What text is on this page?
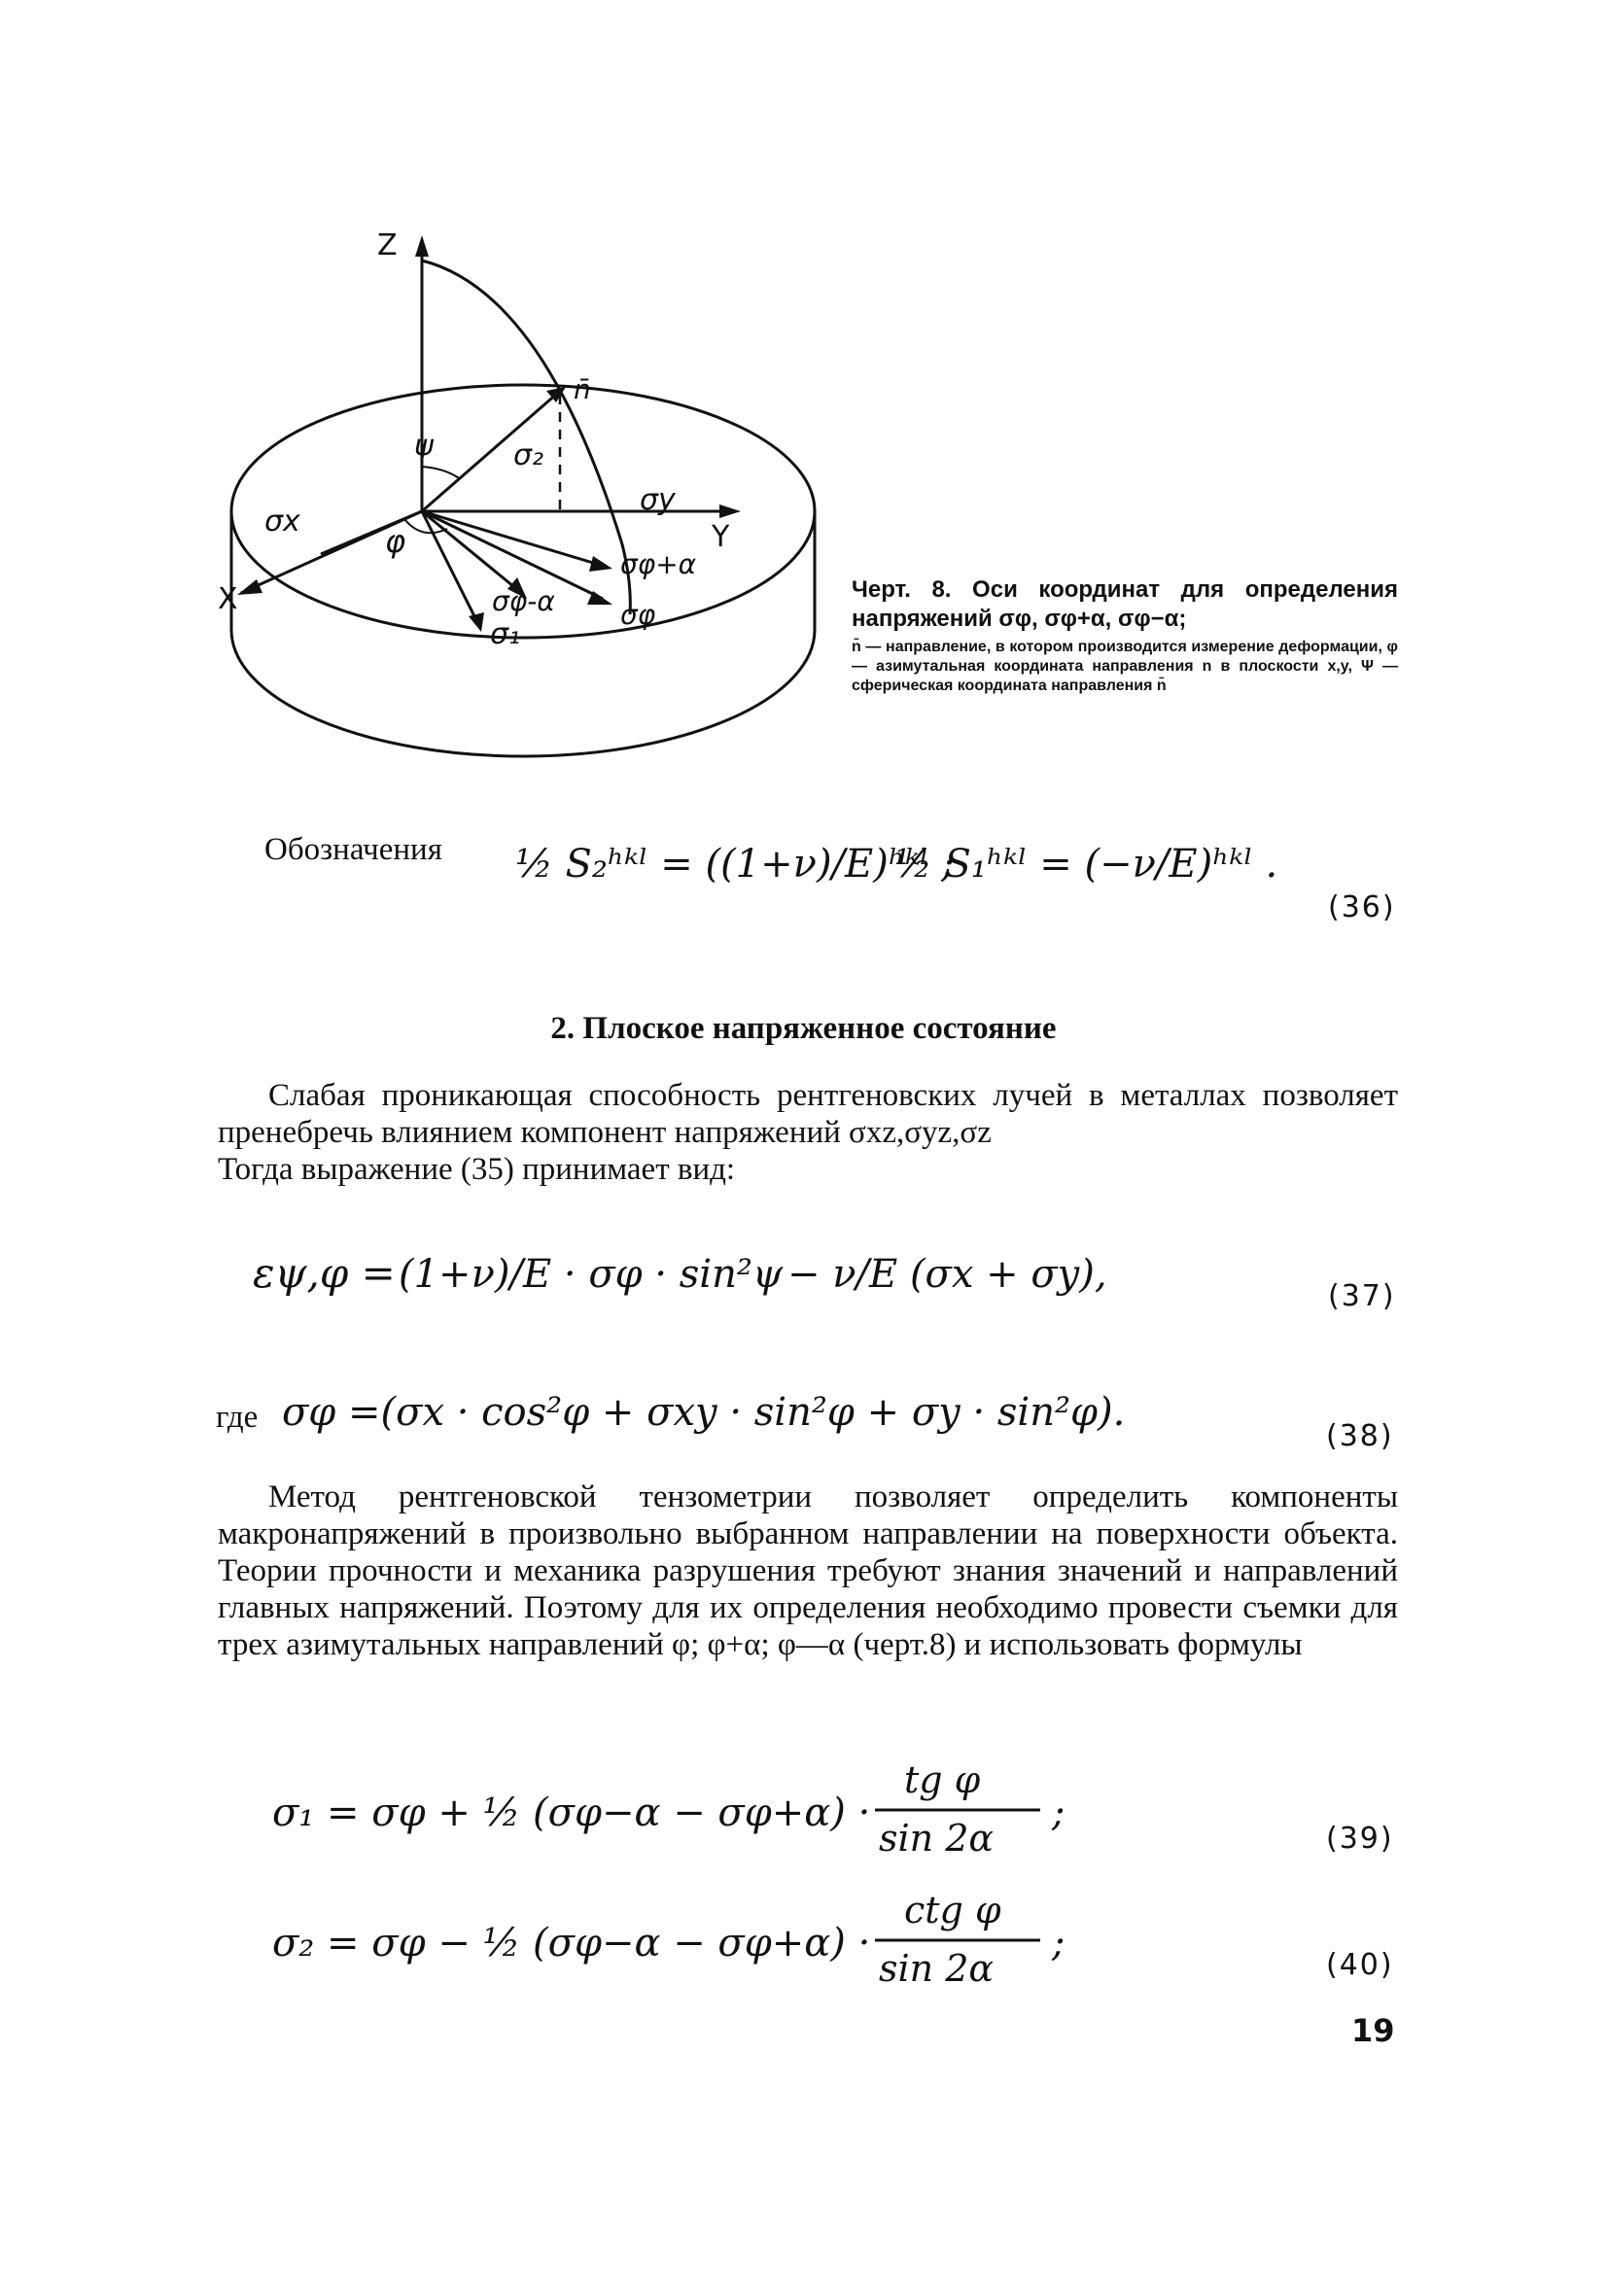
Z
Y
X
n̄
ψ	σ₂
σy
σx
φ
σφ+α
σφ
σφ-α
σ₁
Черт. 8. Оси координат для определения напряжений σφ, σφ+α, σφ−α;
n̄ — направление, в котором производится измерение деформации, φ — азимутальная координата направления n в плоскости x,y, Ψ — сферическая координата направления n̄
Обозначения ½ S₂ʰᵏˡ = ((1+ν)/E)ʰᵏˡ ;
½ S₁ʰᵏˡ = (−ν/E)ʰᵏˡ .
(36)
2. Плоское напряженное состояние
Слабая проникающая способность рентгеновских лучей в металлах позволяет пренебречь влиянием компонент напряжений σxz,σyz,σz
Тогда выражение (35) принимает вид:
εψ,φ = (1+ν)/E · σφ · sin²ψ − ν/E (σx + σy),	(37)
где σφ =(σx · cos²φ + σxy · sin²φ + σy · sin²φ).
(38)
Метод рентгеновской тензометрии позволяет определить компоненты макронапряжений в произвольно выбранном направлении на поверхности объекта. Теории прочности и механика разрушения требуют знания значений и направлений главных напряжений. Поэтому для их определения необходимо провести съемки для трех азимутальных направлений φ; φ+α; φ—α (черт.8) и использовать формулы
σ₁ = σφ + ½ (σφ−α − σφ+α) ·
tg φ
sin 2α
;
(39)
σ₂ = σφ − ½ (σφ−α − σφ+α) ·
ctg φ
sin 2α
;	(40)
19
